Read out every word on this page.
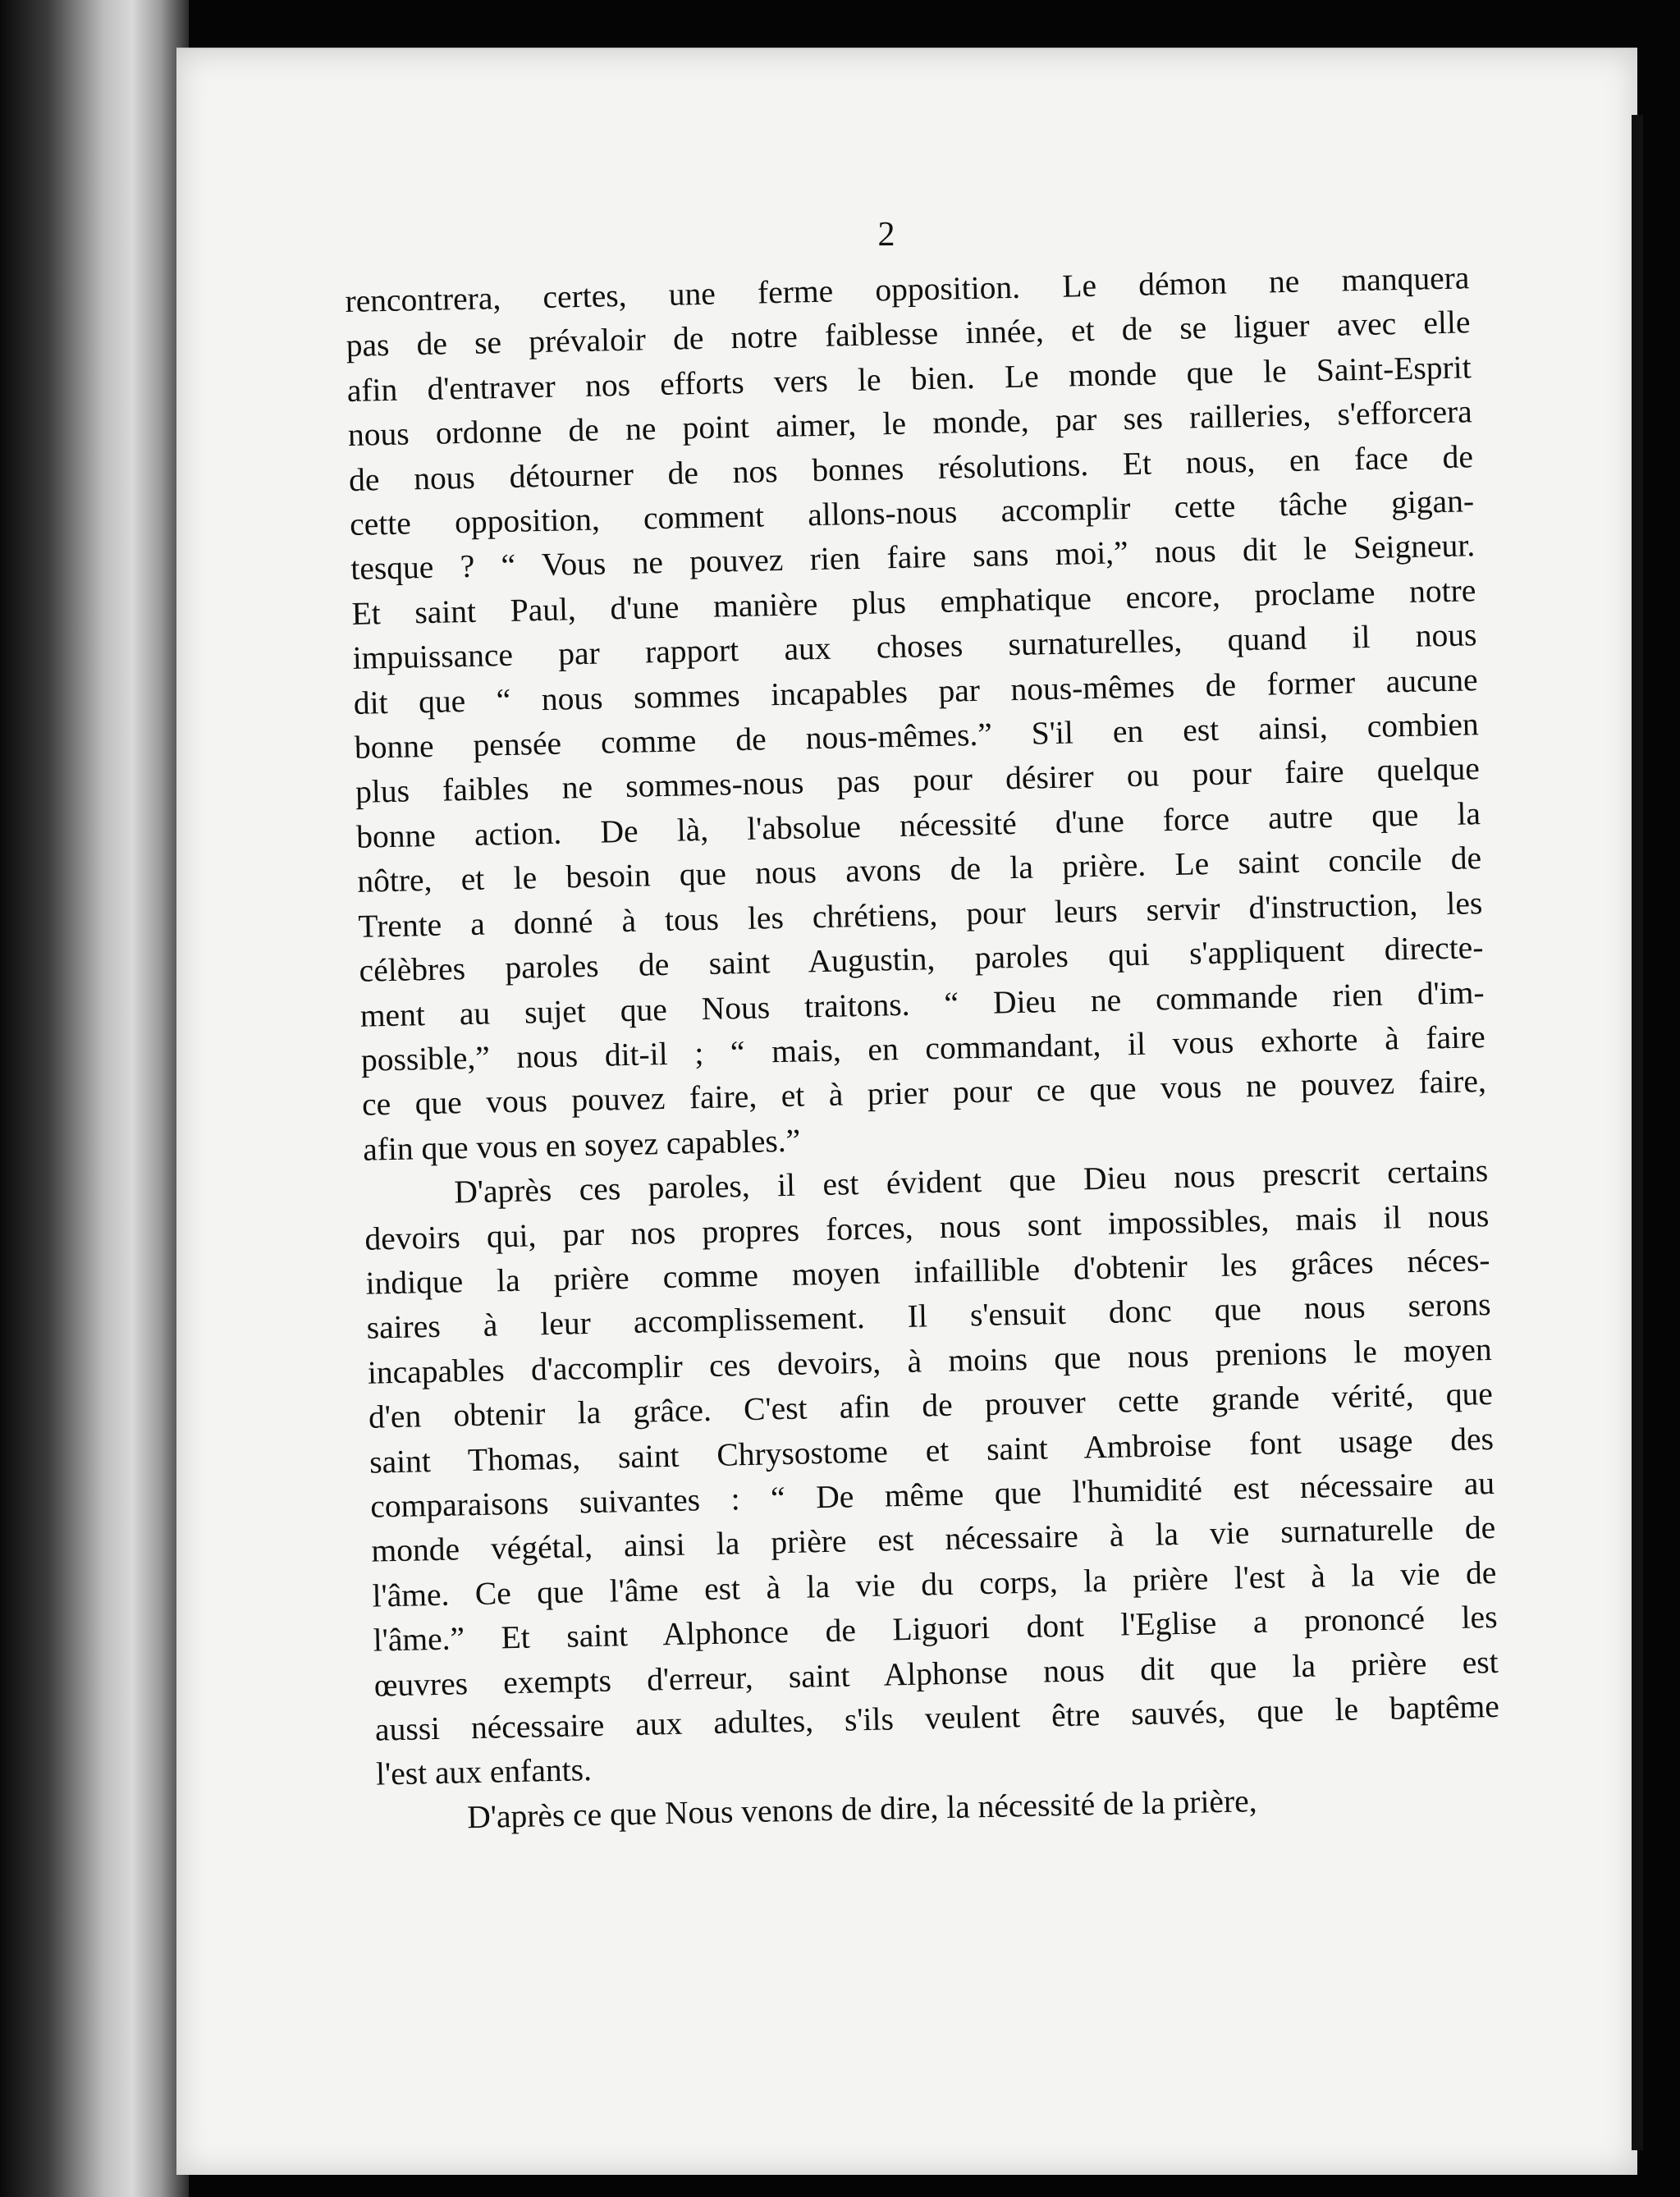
2
rencontrera, certes, une ferme opposition. Le démon ne manquera
pas de se prévaloir de notre faiblesse innée, et de se liguer avec elle
afin d'entraver nos efforts vers le bien. Le monde que le Saint-Esprit
nous ordonne de ne point aimer, le monde, par ses railleries, s'efforcera
de nous détourner de nos bonnes résolutions. Et nous, en face de
cette opposition, comment allons-nous accomplir cette tâche gigan-
tesque ? “ Vous ne pouvez rien faire sans moi,” nous dit le Seigneur.
Et saint Paul, d'une manière plus emphatique encore, proclame notre
impuissance par rapport aux choses surnaturelles, quand il nous
dit que “ nous sommes incapables par nous-mêmes de former aucune
bonne pensée comme de nous-mêmes.” S'il en est ainsi, combien
plus faibles ne sommes-nous pas pour désirer ou pour faire quelque
bonne action. De là, l'absolue nécessité d'une force autre que la
nôtre, et le besoin que nous avons de la prière. Le saint concile de
Trente a donné à tous les chrétiens, pour leurs servir d'instruction, les
célèbres paroles de saint Augustin, paroles qui s'appliquent directe-
ment au sujet que Nous traitons. “ Dieu ne commande rien d'im-
possible,” nous dit-il ; “ mais, en commandant, il vous exhorte à faire
ce que vous pouvez faire, et à prier pour ce que vous ne pouvez faire,
afin que vous en soyez capables.”
D'après ces paroles, il est évident que Dieu nous prescrit certains
devoirs qui, par nos propres forces, nous sont impossibles, mais il nous
indique la prière comme moyen infaillible d'obtenir les grâces néces-
saires à leur accomplissement. Il s'ensuit donc que nous serons
incapables d'accomplir ces devoirs, à moins que nous prenions le moyen
d'en obtenir la grâce. C'est afin de prouver cette grande vérité, que
saint Thomas, saint Chrysostome et saint Ambroise font usage des
comparaisons suivantes : “ De même que l'humidité est nécessaire au
monde végétal, ainsi la prière est nécessaire à la vie surnaturelle de
l'âme. Ce que l'âme est à la vie du corps, la prière l'est à la vie de
l'âme.” Et saint Alphonce de Liguori dont l'Eglise a prononcé les
œuvres exempts d'erreur, saint Alphonse nous dit que la prière est
aussi nécessaire aux adultes, s'ils veulent être sauvés, que le baptême
l'est aux enfants.
D'après ce que Nous venons de dire, la nécessité de la prière,
